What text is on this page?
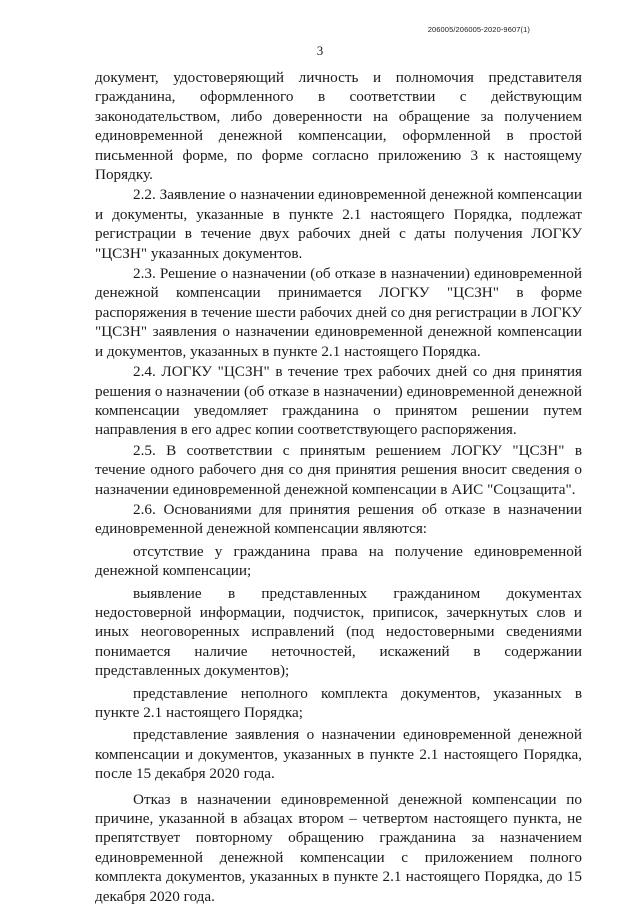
206005/206005-2020-9607(1)
3

документ, удостоверяющий личность и полномочия представителя гражданина, оформленного в соответствии с действующим законодательством, либо доверенности на обращение за получением единовременной денежной компенсации, оформленной в простой письменной форме, по форме согласно приложению 3 к настоящему Порядку.

2.2. Заявление о назначении единовременной денежной компенсации и документы, указанные в пункте 2.1 настоящего Порядка, подлежат регистрации в течение двух рабочих дней с даты получения ЛОГКУ "ЦСЗН" указанных документов.

2.3. Решение о назначении (об отказе в назначении) единовременной денежной компенсации принимается ЛОГКУ "ЦСЗН" в форме распоряжения в течение шести рабочих дней со дня регистрации в ЛОГКУ "ЦСЗН" заявления о назначении единовременной денежной компенсации и документов, указанных в пункте 2.1 настоящего Порядка.

2.4. ЛОГКУ "ЦСЗН" в течение трех рабочих дней со дня принятия решения о назначении (об отказе в назначении) единовременной денежной компенсации уведомляет гражданина о принятом решении путем направления в его адрес копии соответствующего распоряжения.

2.5. В соответствии с принятым решением ЛОГКУ "ЦСЗН" в течение одного рабочего дня со дня принятия решения вносит сведения о назначении единовременной денежной компенсации в АИС "Соцзащита".

2.6. Основаниями для принятия решения об отказе в назначении единовременной денежной компенсации являются:

отсутствие у гражданина права на получение единовременной денежной компенсации;

выявление в представленных гражданином документах недостоверной информации, подчисток, приписок, зачеркнутых слов и иных неоговоренных исправлений (под недостоверными сведениями понимается наличие неточностей, искажений в содержании представленных документов);

представление неполного комплекта документов, указанных в пункте 2.1 настоящего Порядка;

представление заявления о назначении единовременной денежной компенсации и документов, указанных в пункте 2.1 настоящего Порядка, после 15 декабря 2020 года.

Отказ в назначении единовременной денежной компенсации по причине, указанной в абзацах втором – четвертом настоящего пункта, не препятствует повторному обращению гражданина за назначением единовременной денежной компенсации с приложением полного комплекта документов, указанных в пункте 2.1 настоящего Порядка, до 15 декабря 2020 года.
